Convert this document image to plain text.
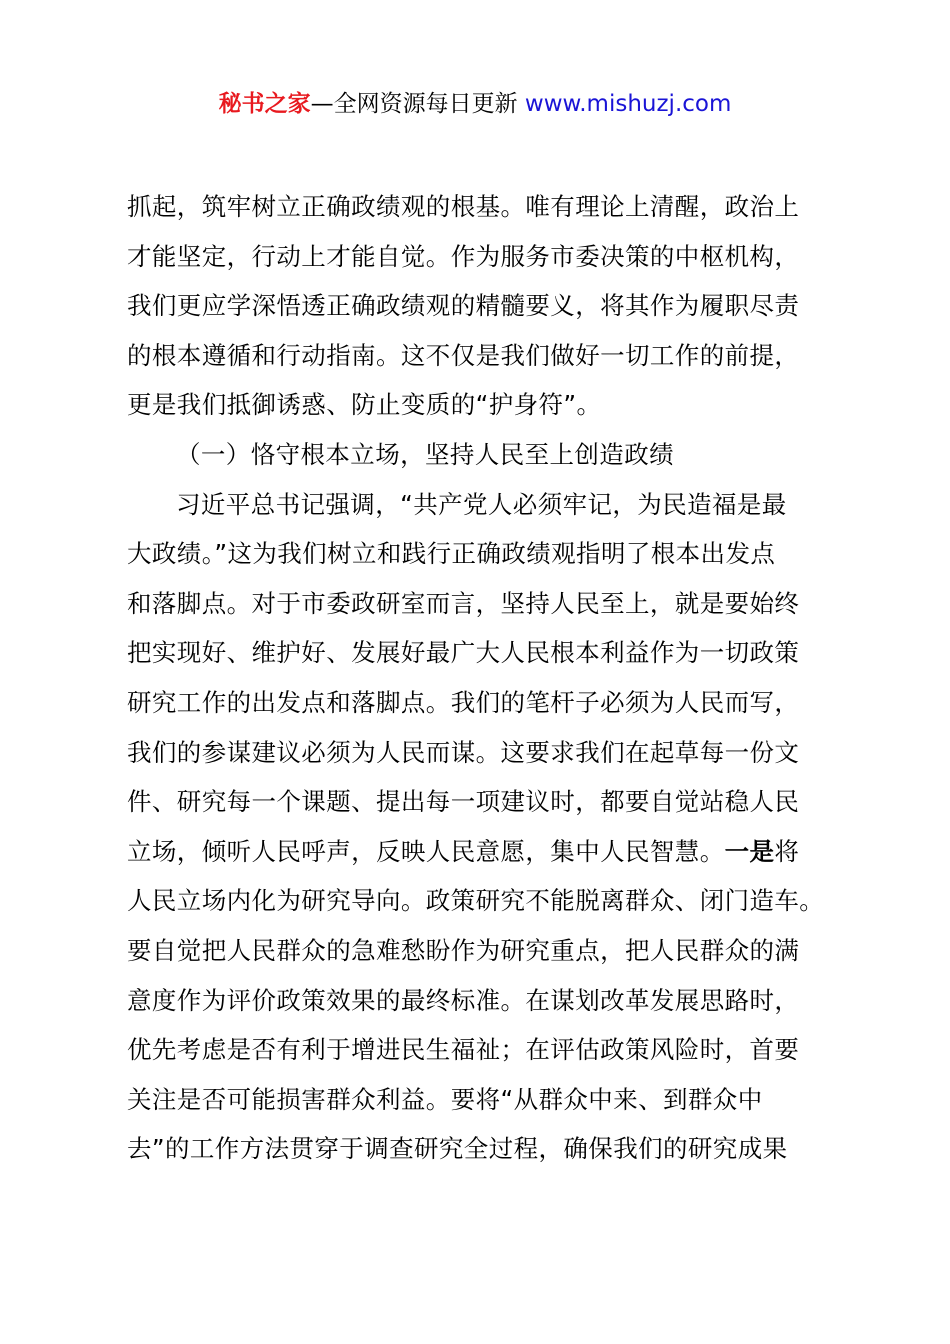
秘书之家—全网资源每日更新 www.mishuzj.com
抓起，筑牢树立正确政绩观的根基。唯有理论上清醒，政治上
才能坚定，行动上才能自觉。作为服务市委决策的中枢机构，
我们更应学深悟透正确政绩观的精髓要义，将其作为履职尽责
的根本遵循和行动指南。这不仅是我们做好一切工作的前提，
更是我们抵御诱惑、防止变质的“护身符”。
（一）恪守根本立场，坚持人民至上创造政绩
习近平总书记强调，“共产党人必须牢记，为民造福是最
大政绩。”这为我们树立和践行正确政绩观指明了根本出发点
和落脚点。对于市委政研室而言，坚持人民至上，就是要始终
把实现好、维护好、发展好最广大人民根本利益作为一切政策
研究工作的出发点和落脚点。我们的笔杆子必须为人民而写，
我们的参谋建议必须为人民而谋。这要求我们在起草每一份文
件、研究每一个课题、提出每一项建议时，都要自觉站稳人民
立场，倾听人民呼声，反映人民意愿，集中人民智慧。一是将
人民立场内化为研究导向。政策研究不能脱离群众、闭门造车。
要自觉把人民群众的急难愁盼作为研究重点，把人民群众的满
意度作为评价政策效果的最终标准。在谋划改革发展思路时，
优先考虑是否有利于增进民生福祉；在评估政策风险时，首要
关注是否可能损害群众利益。要将“从群众中来、到群众中
去”的工作方法贯穿于调查研究全过程，确保我们的研究成果
